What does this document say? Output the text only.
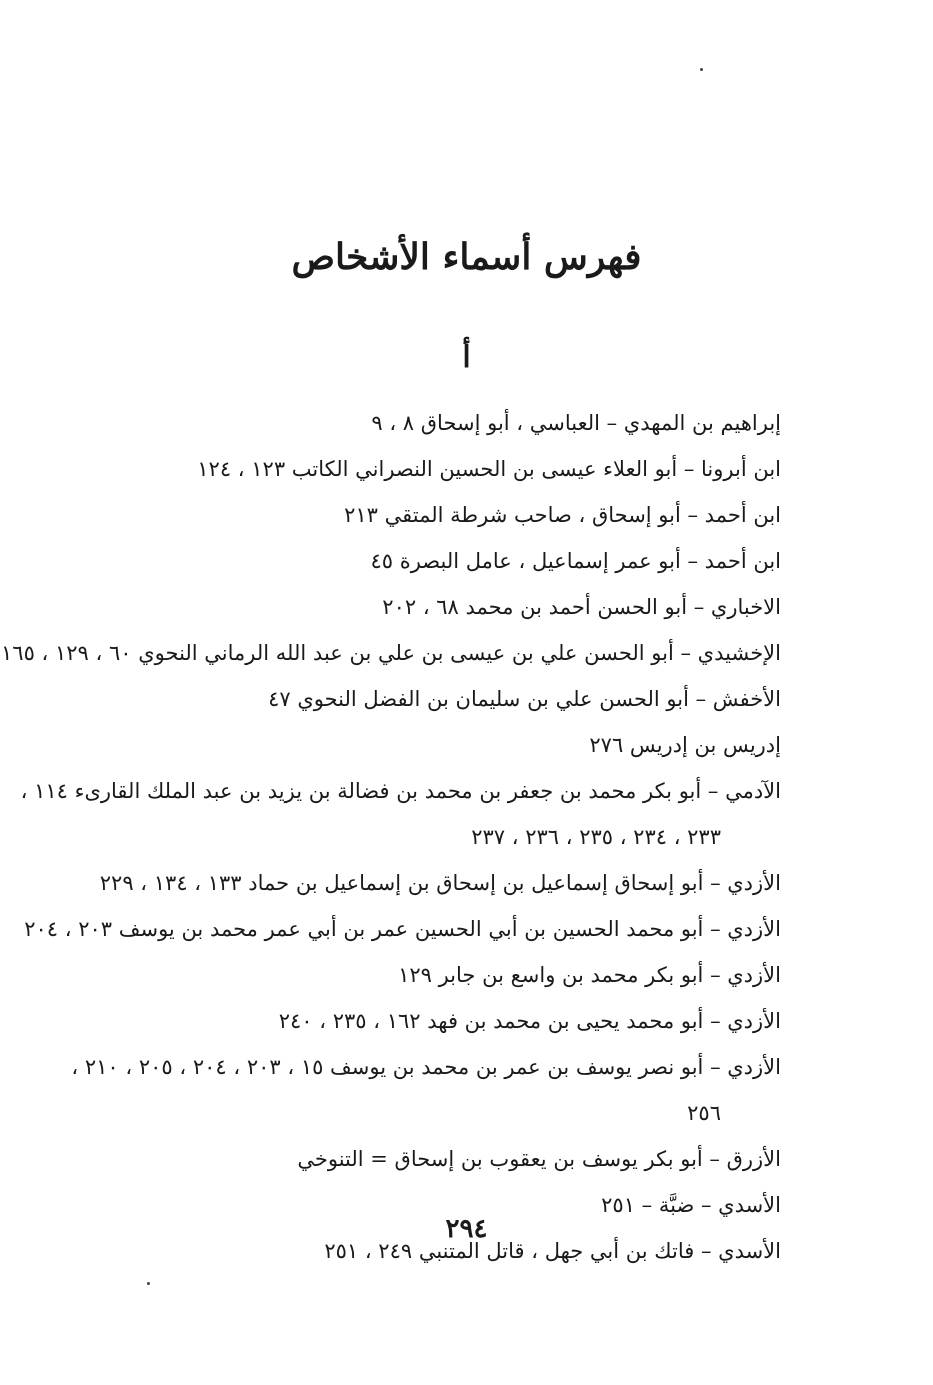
فهرس أسماء الأشخاص
أ
إبراهيم بن المهدي – العباسي ، أبو إسحاق ٨ ، ٩
ابن أبرونا – أبو العلاء عيسى بن الحسين النصراني الكاتب ١٢٣ ، ١٢٤
ابن أحمد – أبو إسحاق ، صاحب شرطة المتقي ٢١٣
ابن أحمد – أبو عمر إسماعيل ، عامل البصرة ٤٥
الاخباري – أبو الحسن أحمد بن محمد ٦٨ ، ٢٠٢
الإخشيدي – أبو الحسن علي بن عيسى بن علي بن عبد الله الرماني النحوي ٦٠ ، ١٢٩ ، ١٦٥
الأخفش – أبو الحسن علي بن سليمان بن الفضل النحوي ٤٧
إدريس بن إدريس ٢٧٦
الآدمي – أبو بكر محمد بن جعفر بن محمد بن فضالة بن يزيد بن عبد الملك القارىء ١١٤ ،
٢٣٣ ، ٢٣٤ ، ٢٣٥ ، ٢٣٦ ، ٢٣٧
الأزدي – أبو إسحاق إسماعيل بن إسحاق بن إسماعيل بن حماد ١٣٣ ، ١٣٤ ، ٢٢٩
الأزدي – أبو محمد الحسين بن أبي الحسين عمر بن أبي عمر محمد بن يوسف ٢٠٣ ، ٢٠٤
الأزدي – أبو بكر محمد بن واسع بن جابر ١٢٩
الأزدي – أبو محمد يحيى بن محمد بن فهد ١٦٢ ، ٢٣٥ ، ٢٤٠
الأزدي – أبو نصر يوسف بن عمر بن محمد بن يوسف ١٥ ، ٢٠٣ ، ٢٠٤ ، ٢٠٥ ، ٢١٠ ،
٢٥٦
الأزرق – أبو بكر يوسف بن يعقوب بن إسحاق = التنوخي
الأسدي – ضبَّة – ٢٥١
الأسدي – فاتك بن أبي جهل ، قاتل المتنبي ٢٤٩ ، ٢٥١
٢٩٤
